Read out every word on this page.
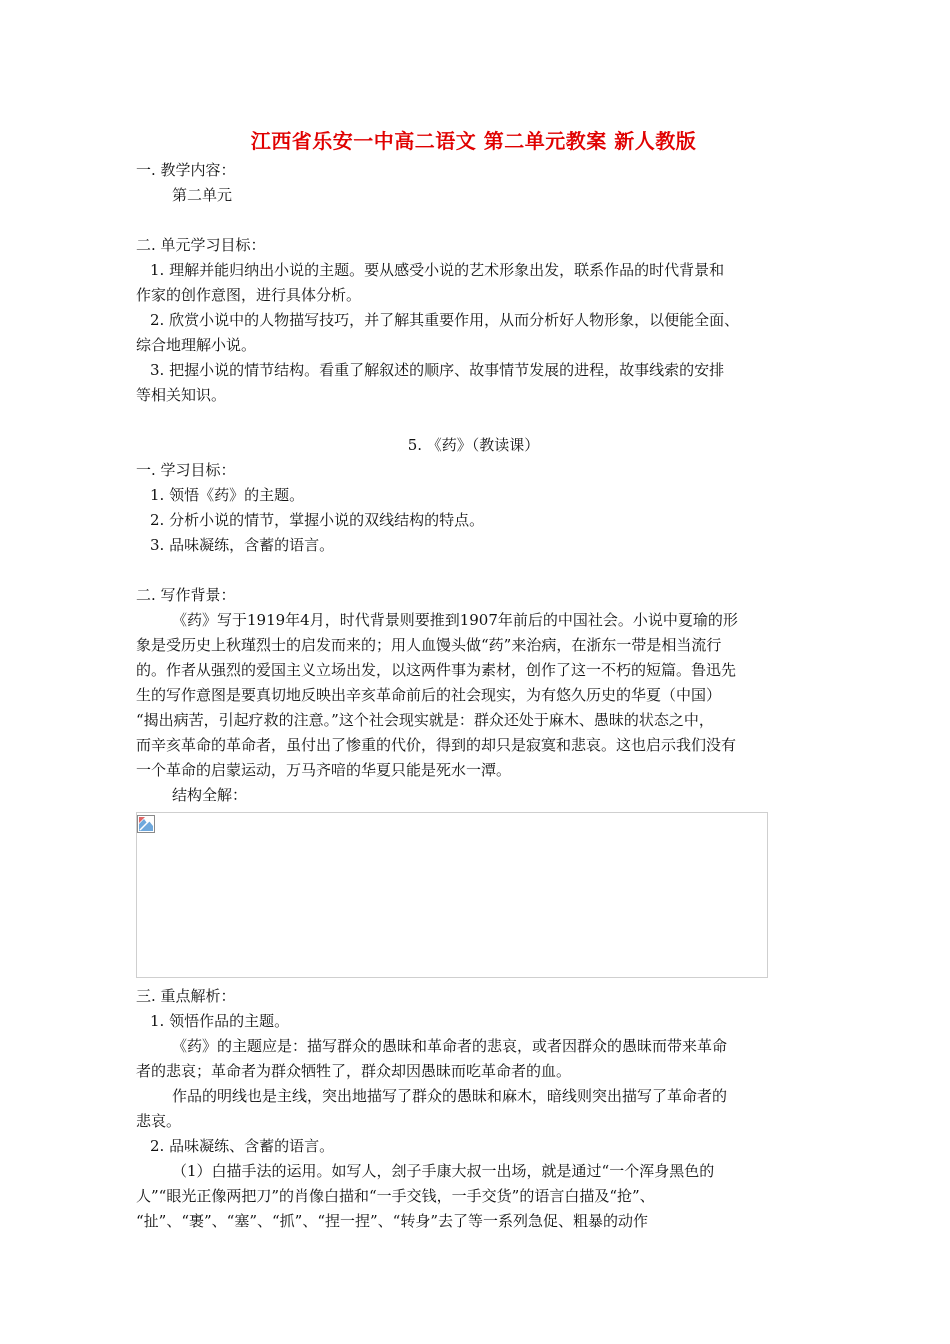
江西省乐安一中高二语文 第二单元教案 新人教版
一. 教学内容：
第二单元
二. 单元学习目标：
1. 理解并能归纳出小说的主题。要从感受小说的艺术形象出发，联系作品的时代背景和
作家的创作意图，进行具体分析。
2. 欣赏小说中的人物描写技巧，并了解其重要作用，从而分析好人物形象，以便能全面、
综合地理解小说。
3. 把握小说的情节结构。看重了解叙述的顺序、故事情节发展的进程，故事线索的安排
等相关知识。
5. 《药》（教读课）
一. 学习目标：
1. 领悟《药》的主题。
2. 分析小说的情节，掌握小说的双线结构的特点。
3. 品味凝练，含蓄的语言。
二. 写作背景：
《药》写于1919年4月，时代背景则要推到1907年前后的中国社会。小说中夏瑜的形
象是受历史上秋瑾烈士的启发而来的；用人血馒头做“药”来治病，在浙东一带是相当流行
的。作者从强烈的爱国主义立场出发，以这两件事为素材，创作了这一不朽的短篇。鲁迅先
生的写作意图是要真切地反映出辛亥革命前后的社会现实，为有悠久历史的华夏（中国）
“揭出病苦，引起疗救的注意。”这个社会现实就是：群众还处于麻木、愚昧的状态之中，
而辛亥革命的革命者，虽付出了惨重的代价，得到的却只是寂寞和悲哀。这也启示我们没有
一个革命的启蒙运动，万马齐喑的华夏只能是死水一潭。
结构全解：
三. 重点解析：
1. 领悟作品的主题。
《药》的主题应是：描写群众的愚昧和革命者的悲哀，或者因群众的愚昧而带来革命
者的悲哀；革命者为群众牺牲了，群众却因愚昧而吃革命者的血。
作品的明线也是主线，突出地描写了群众的愚昧和麻木，暗线则突出描写了革命者的
悲哀。
2. 品味凝练、含蓄的语言。
（1）白描手法的运用。如写人，刽子手康大叔一出场，就是通过“一个浑身黑色的
人”“眼光正像两把刀”的肖像白描和“一手交钱，一手交货”的语言白描及“抢”、
“扯”、“裹”、“塞”、“抓”、“捏一捏”、“转身”去了等一系列急促、粗暴的动作
